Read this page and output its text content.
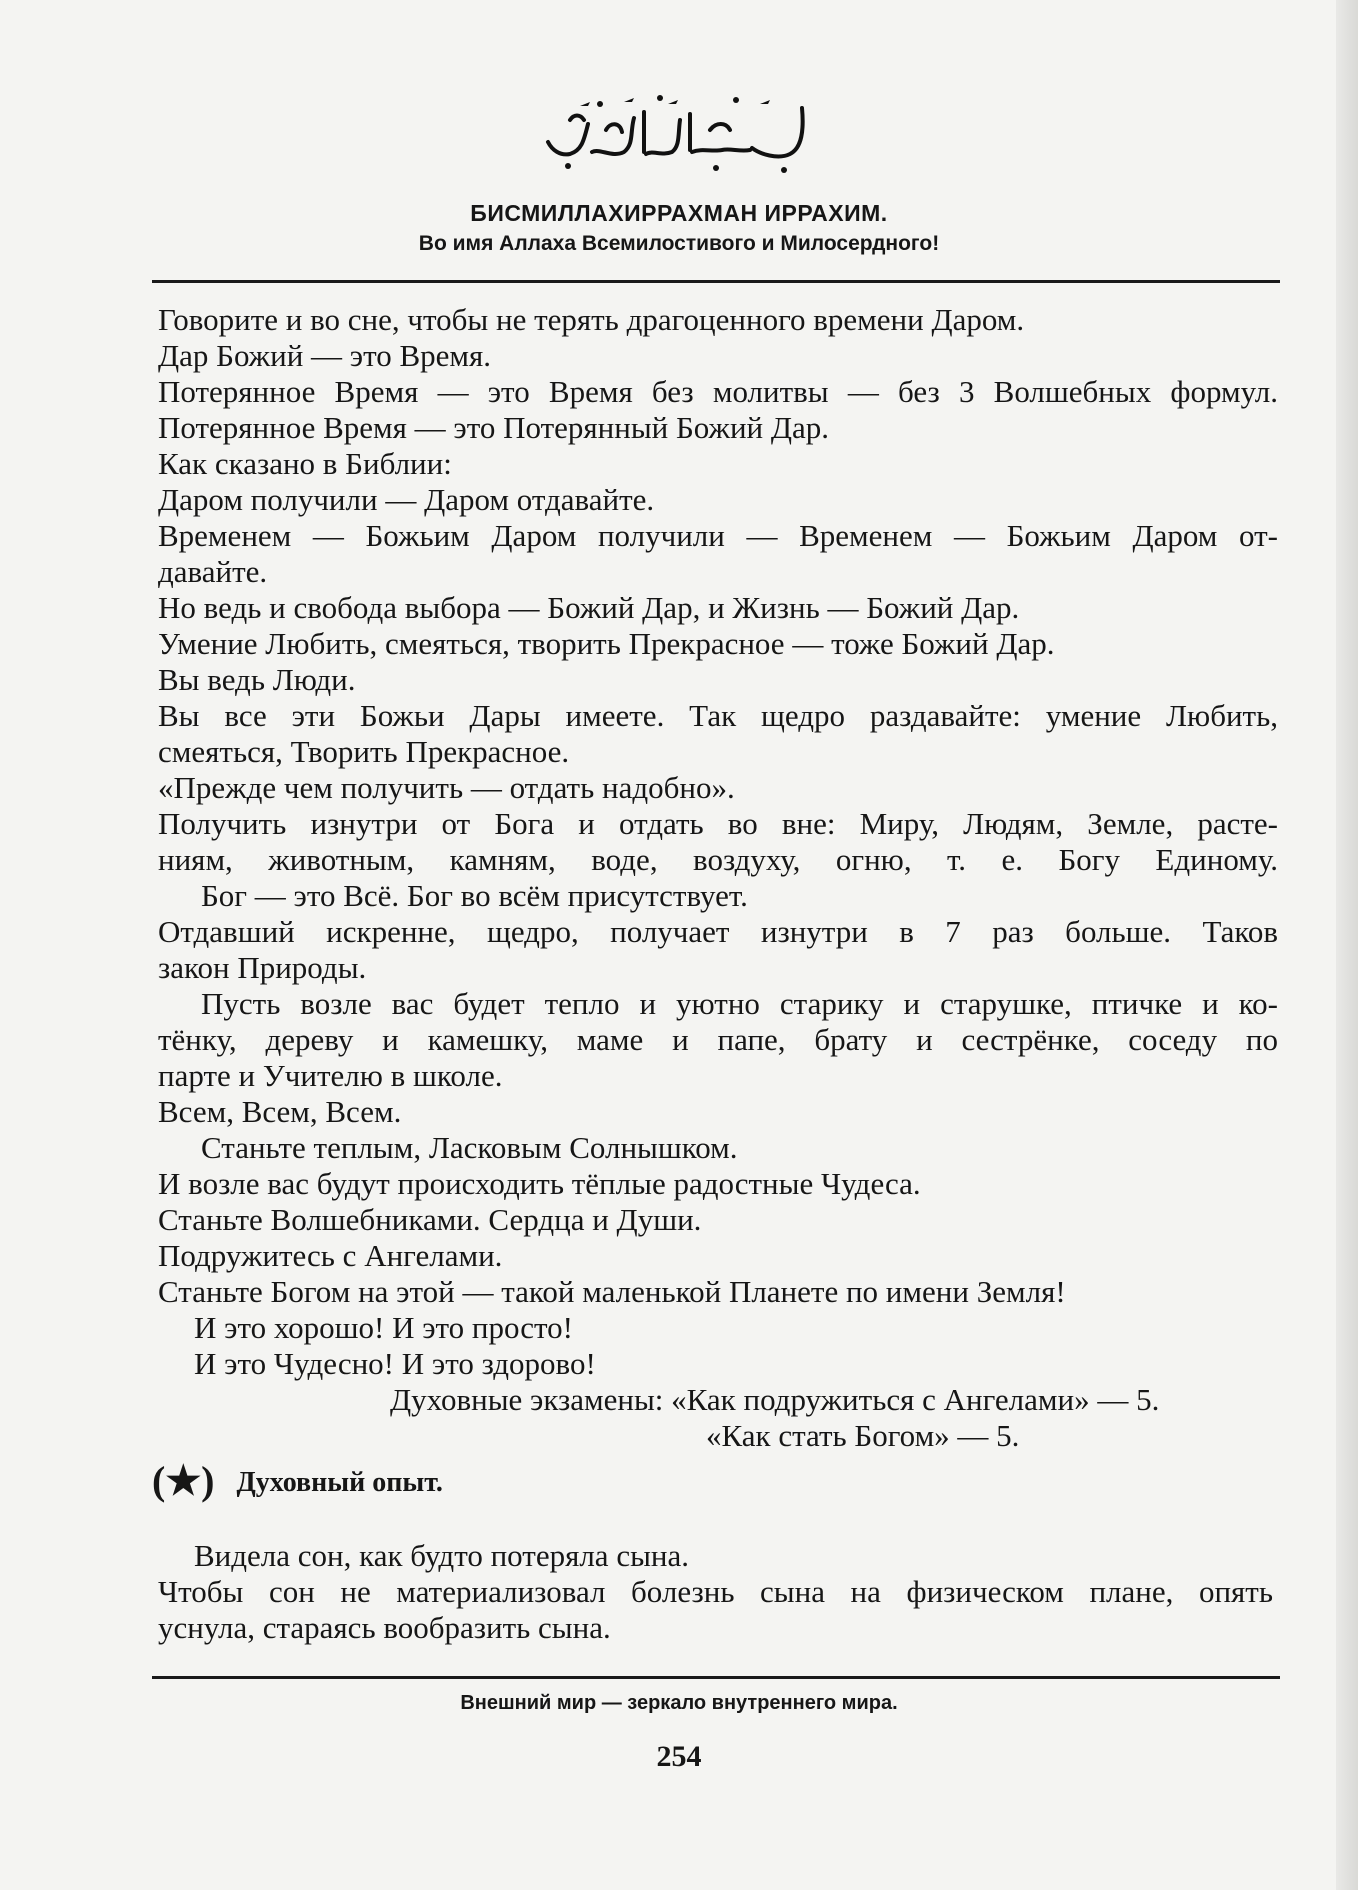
БИСМИЛЛАХИРРАХМАН ИРРАХИМ.
Во имя Аллаха Всемилостивого и Милосердного!
Говорите и во сне, чтобы не терять драгоценного времени Даром.
Дар Божий — это Время.
Потерянное Время — это Время без молитвы — без 3 Волшебных формул.
Потерянное Время — это Потерянный Божий Дар.
Как сказано в Библии:
Даром получили — Даром отдавайте.
Временем — Божьим Даром получили — Временем — Божьим Даром от-
давайте.
Но ведь и свобода выбора — Божий Дар, и Жизнь — Божий Дар.
Умение Любить, смеяться, творить Прекрасное — тоже Божий Дар.
Вы ведь Люди.
Вы все эти Божьи Дары имеете. Так щедро раздавайте: умение Любить,
смеяться, Творить Прекрасное.
«Прежде чем получить — отдать надобно».
Получить изнутри от Бога и отдать во вне: Миру, Людям, Земле, расте-
ниям, животным, камням, воде, воздуху, огню, т. е. Богу Единому.
Бог — это Всё. Бог во всём присутствует.
Отдавший искренне, щедро, получает изнутри в 7 раз больше. Таков
закон Природы.
Пусть возле вас будет тепло и уютно старику и старушке, птичке и ко-
тёнку, дереву и камешку, маме и папе, брату и сестрёнке, соседу по
парте и Учителю в школе.
Всем, Всем, Всем.
Станьте теплым, Ласковым Солнышком.
И возле вас будут происходить тёплые радостные Чудеса.
Станьте Волшебниками. Сердца и Души.
Подружитесь с Ангелами.
Станьте Богом на этой — такой маленькой Планете по имени Земля!
И это хорошо! И это просто!
И это Чудесно! И это здорово!
Духовные экзамены: «Как подружиться с Ангелами» — 5.
«Как стать Богом» — 5.
(★) Духовный опыт.
Видела сон, как будто потеряла сына.
Чтобы сон не материализовал болезнь сына на физическом плане, опять
уснула, стараясь вообразить сына.
Внешний мир — зеркало внутреннего мира.
254
